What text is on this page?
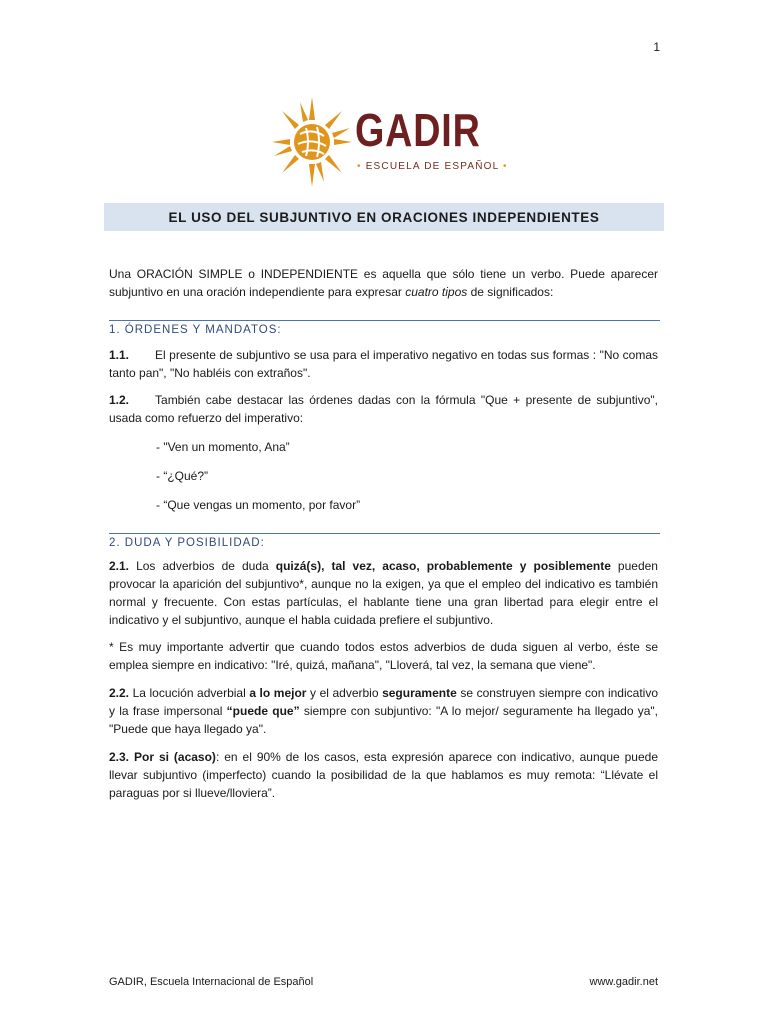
1
GADIR
• ESCUELA DE ESPAÑOL •
EL USO DEL SUBJUNTIVO EN ORACIONES INDEPENDIENTES
Una ORACIÓN SIMPLE o INDEPENDIENTE es aquella que sólo tiene un verbo. Puede aparecer subjuntivo en una oración independiente para expresar cuatro tipos de significados:
1. ÓRDENES Y MANDATOS:
1.1. El presente de subjuntivo se usa para el imperativo negativo en todas sus formas : "No comas tanto pan", "No habléis con extraños".
1.2. También cabe destacar las órdenes dadas con la fórmula "Que + presente de subjuntivo", usada como refuerzo del imperativo:
- "Ven un momento, Ana”
- “¿Qué?”
- “Que vengas un momento, por favor”
2. DUDA Y POSIBILIDAD:
2.1. Los adverbios de duda quizá(s), tal vez, acaso, probablemente y posiblemente pueden provocar la aparición del subjuntivo*, aunque no la exigen, ya que el empleo del indicativo es también normal y frecuente. Con estas partículas, el hablante tiene una gran libertad para elegir entre el indicativo y el subjuntivo, aunque el habla cuidada prefiere el subjuntivo.
* Es muy importante advertir que cuando todos estos adverbios de duda siguen al verbo, éste se emplea siempre en indicativo: "Iré, quizá, mañana", "Lloverá, tal vez, la semana que viene".
2.2. La locución adverbial a lo mejor y el adverbio seguramente se construyen siempre con indicativo y la frase impersonal “puede que” siempre con subjuntivo: "A lo mejor/ seguramente ha llegado ya", "Puede que haya llegado ya".
2.3. Por si (acaso): en el 90% de los casos, esta expresión aparece con indicativo, aunque puede llevar subjuntivo (imperfecto) cuando la posibilidad de la que hablamos es muy remota: “Llévate el paraguas por si llueve/lloviera”.
GADIR, Escuela Internacional de Español	www.gadir.net
